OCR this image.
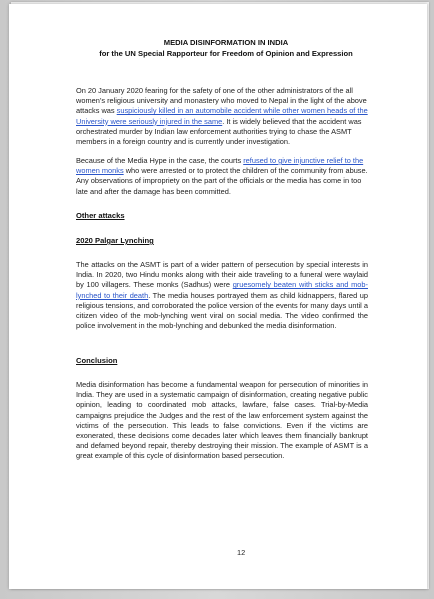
MEDIA DISINFORMATION IN INDIA
for the UN Special Rapporteur for Freedom of Opinion and Expression

On 20 January 2020 fearing for the safety of one of the other administrators of the all women’s religious university and monastery who moved to Nepal in the light of the above attacks was suspiciously killed in an automobile accident while other women heads of the University were seriously injured in the same. It is widely believed that the accident was orchestrated murder by Indian law enforcement authorities trying to chase the ASMT members in a foreign country and is currently under investigation.

Because of the Media Hype in the case, the courts refused to give injunctive relief to the women monks who were arrested or to protect the children of the community from abuse. Any observations of impropriety on the part of the officials or the media has come in too late and after the damage has been committed.

Other attacks
2020 Palgar Lynching

The attacks on the ASMT is part of a wider pattern of persecution by special interests in India. In 2020, two Hindu monks along with their aide traveling to a funeral were waylaid by 100 villagers. These monks (Sadhus) were gruesomely beaten with sticks and mob-lynched to their death. The media houses portrayed them as child kidnappers, flared up religious tensions, and corroborated the police version of the events for many days until a citizen video of the mob-lynching went viral on social media. The video confirmed the police involvement in the mob-lynching and debunked the media disinformation.

Conclusion

Media disinformation has become a fundamental weapon for persecution of minorities in India. They are used in a systematic campaign of disinformation, creating negative public opinion, leading to coordinated mob attacks, lawfare, false cases. Trial-by-Media campaigns prejudice the Judges and the rest of the law enforcement system against the victims of the persecution. This leads to false convictions. Even if the victims are exonerated, these decisions come decades later which leaves them financially bankrupt and defamed beyond repair, thereby destroying their mission. The example of ASMT is a great example of this cycle of disinformation based persecution.

12
